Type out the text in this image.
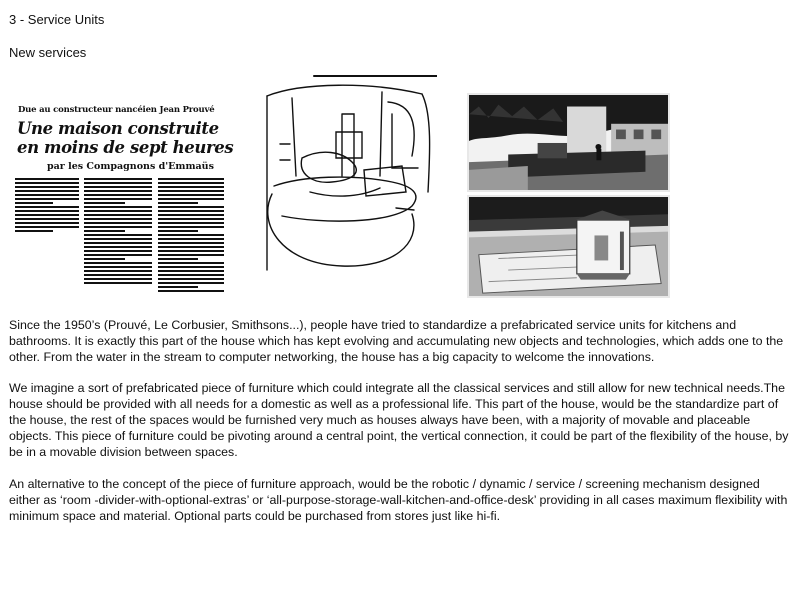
3 - Service Units
New services
Due au constructeur nancéien Jean Prouvé
Une maison construite
en moins de sept heures
par les Compagnons d'Emmaüs

Since the 1950’s (Prouvé, Le Corbusier, Smithsons...), people have tried to standardize a prefabricated service units for kitchens and bathrooms. It is exactly this part of the house which has kept evolving and accumulating new objects and technologies, which adds one to the other. From the water in the stream to computer networking, the house has a big capacity to welcome the innovations.

We imagine a sort of prefabricated piece of furniture which could integrate all the classical services and still allow for new technical needs.The house should be provided with all needs for a domestic as well as a professional life. This part of the house, would be the standardize part of the house, the rest of the spaces would be furnished very much as houses always have been, with a majority of movable and placeable objects. This piece of furniture could be pivoting around a central point, the vertical connection, it could be part of the flexibility of the house, by be in a movable division between spaces.

An alternative to the concept of the piece of furniture approach, would be the robotic / dynamic / service / screening mechanism designed either as ‘room -divider-with-optional-extras’ or ‘all-purpose-storage-wall-kitchen-and-office-desk’ providing in all cases maximum flexibility with minimum space and material. Optional parts could be purchased from stores just like hi-fi.
